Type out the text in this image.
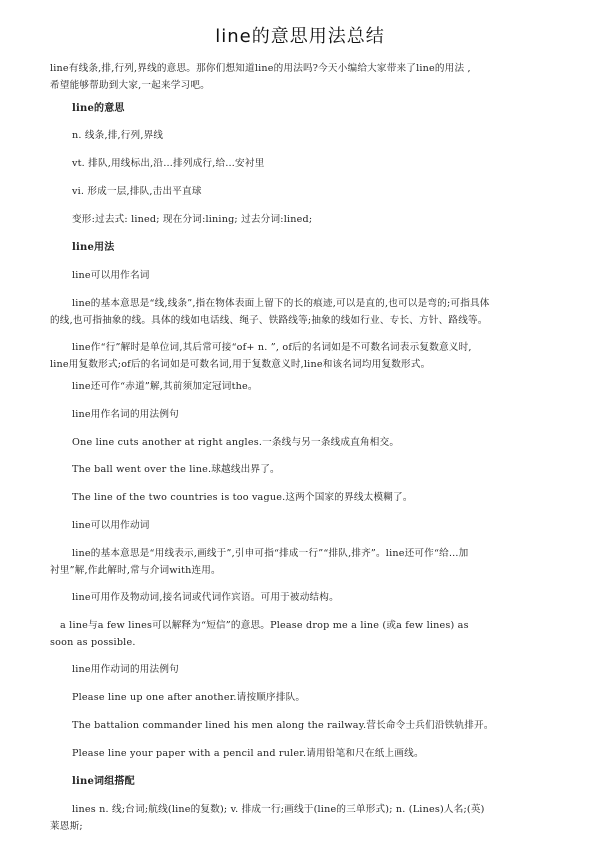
line的意思用法总结
line有线条,排,行列,界线的意思。那你们想知道line的用法吗?今天小编给大家带来了line的用法 ,
希望能够帮助到大家,一起来学习吧。
line的意思
n. 线条,排,行列,界线
vt. 排队,用线标出,沿…排列成行,给…安衬里
vi. 形成一层,排队,击出平直球
变形:过去式: lined; 现在分词:lining; 过去分词:lined;
line用法
line可以用作名词
line的基本意思是“线,线条”,指在物体表面上留下的长的痕迹,可以是直的,也可以是弯的;可指具体
的线,也可指抽象的线。具体的线如电话线、绳子、铁路线等;抽象的线如行业、专长、方针、路线等。
line作“行”解时是单位词,其后常可接“of+ n. ”, of后的名词如是不可数名词表示复数意义时,
line用复数形式;of后的名词如是可数名词,用于复数意义时,line和该名词均用复数形式。
line还可作“赤道”解,其前须加定冠词the。
line用作名词的用法例句
One line cuts another at right angles.一条线与另一条线成直角相交。
The ball went over the line.球越线出界了。
The line of the two countries is too vague.这两个国家的界线太模糊了。
line可以用作动词
line的基本意思是“用线表示,画线于”,引申可指“排成一行”“排队,排齐”。line还可作“给…加
衬里”解,作此解时,常与介词with连用。
line可用作及物动词,接名词或代词作宾语。可用于被动结构。
a line与a few lines可以解释为“短信”的意思。Please drop me a line (或a few lines) as
soon as possible.
line用作动词的用法例句
Please line up one after another.请按顺序排队。
The battalion commander lined his men along the railway.营长命令士兵们沿铁轨排开。
Please line your paper with a pencil and ruler.请用铅笔和尺在纸上画线。
line词组搭配
lines n. 线;台词;航线(line的复数); v. 排成一行;画线于(line的三单形式); n. (Lines)人名;(英)
莱恩斯;
